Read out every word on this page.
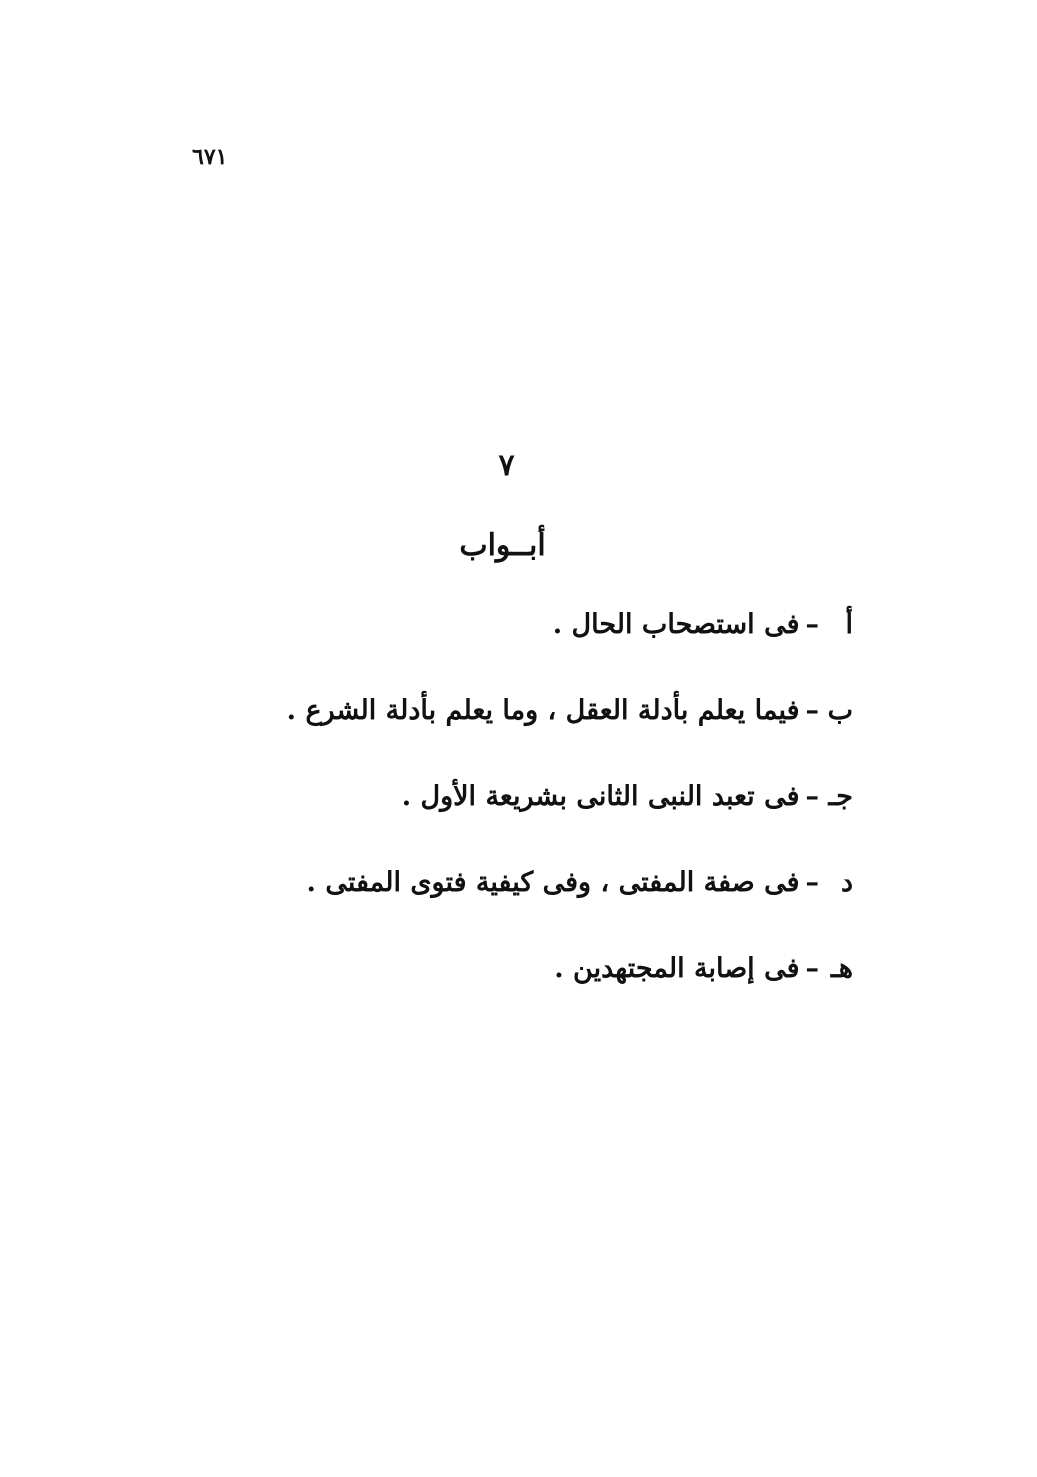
٦٧١
٧
أبــواب
أ–فى استصحاب الحال .
ب–فيما يعلم بأدلة العقل ، وما يعلم بأدلة الشرع .
جـ–فى تعبد النبى الثانى بشريعة الأول .
د–فى صفة المفتى ، وفى كيفية فتوى المفتى .
هـ–فى إصابة المجتهدين .
